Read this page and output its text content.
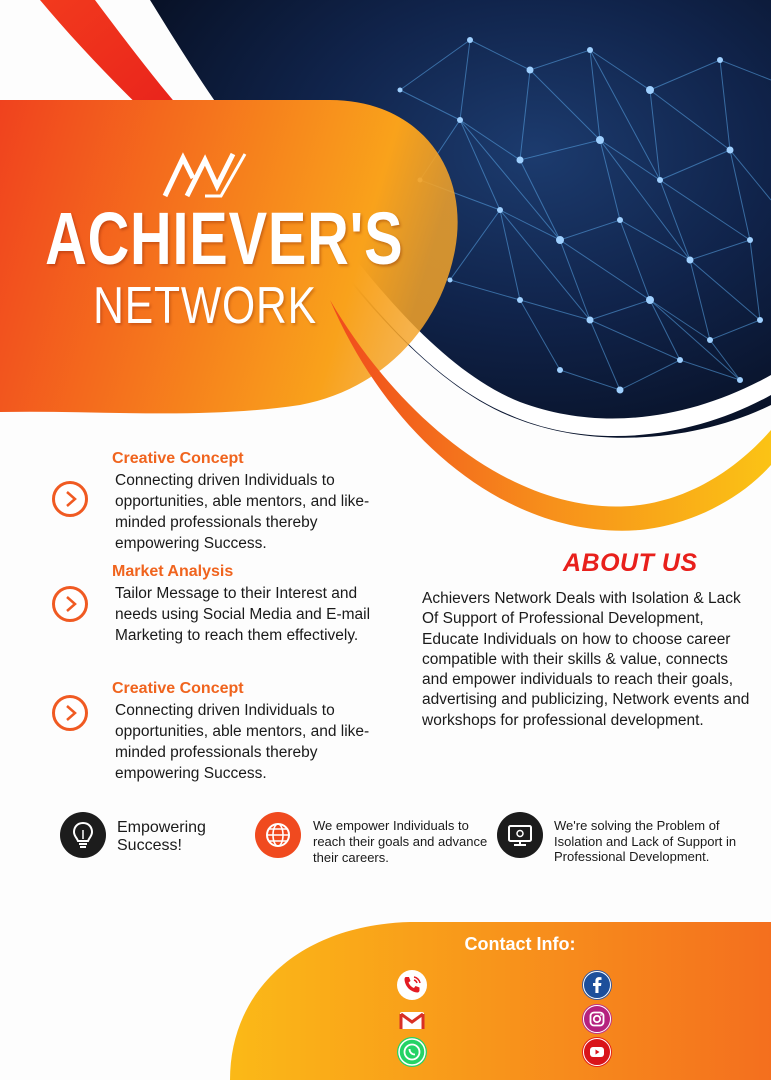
ACHIEVER'S
NETWORK
Creative Concept
Connecting driven Individuals to opportunities, able mentors, and like-minded professionals thereby empowering Success.
Market Analysis
Tailor Message to their Interest and needs using Social Media and E-mail Marketing to reach them effectively.
Creative Concept
Connecting driven Individuals to opportunities, able mentors, and like-minded professionals thereby empowering Success.
ABOUT US
Achievers Network Deals with Isolation & Lack Of Support of Professional Development, Educate Individuals on how to choose career compatible with their skills & value, connects and empower individuals to reach their goals, advertising and publicizing, Network events and workshops for professional development.
Empowering Success!
We empower Individuals to reach their goals and advance their careers.
We're solving the Problem of Isolation and Lack of Support in Professional Development.
Contact Info:
